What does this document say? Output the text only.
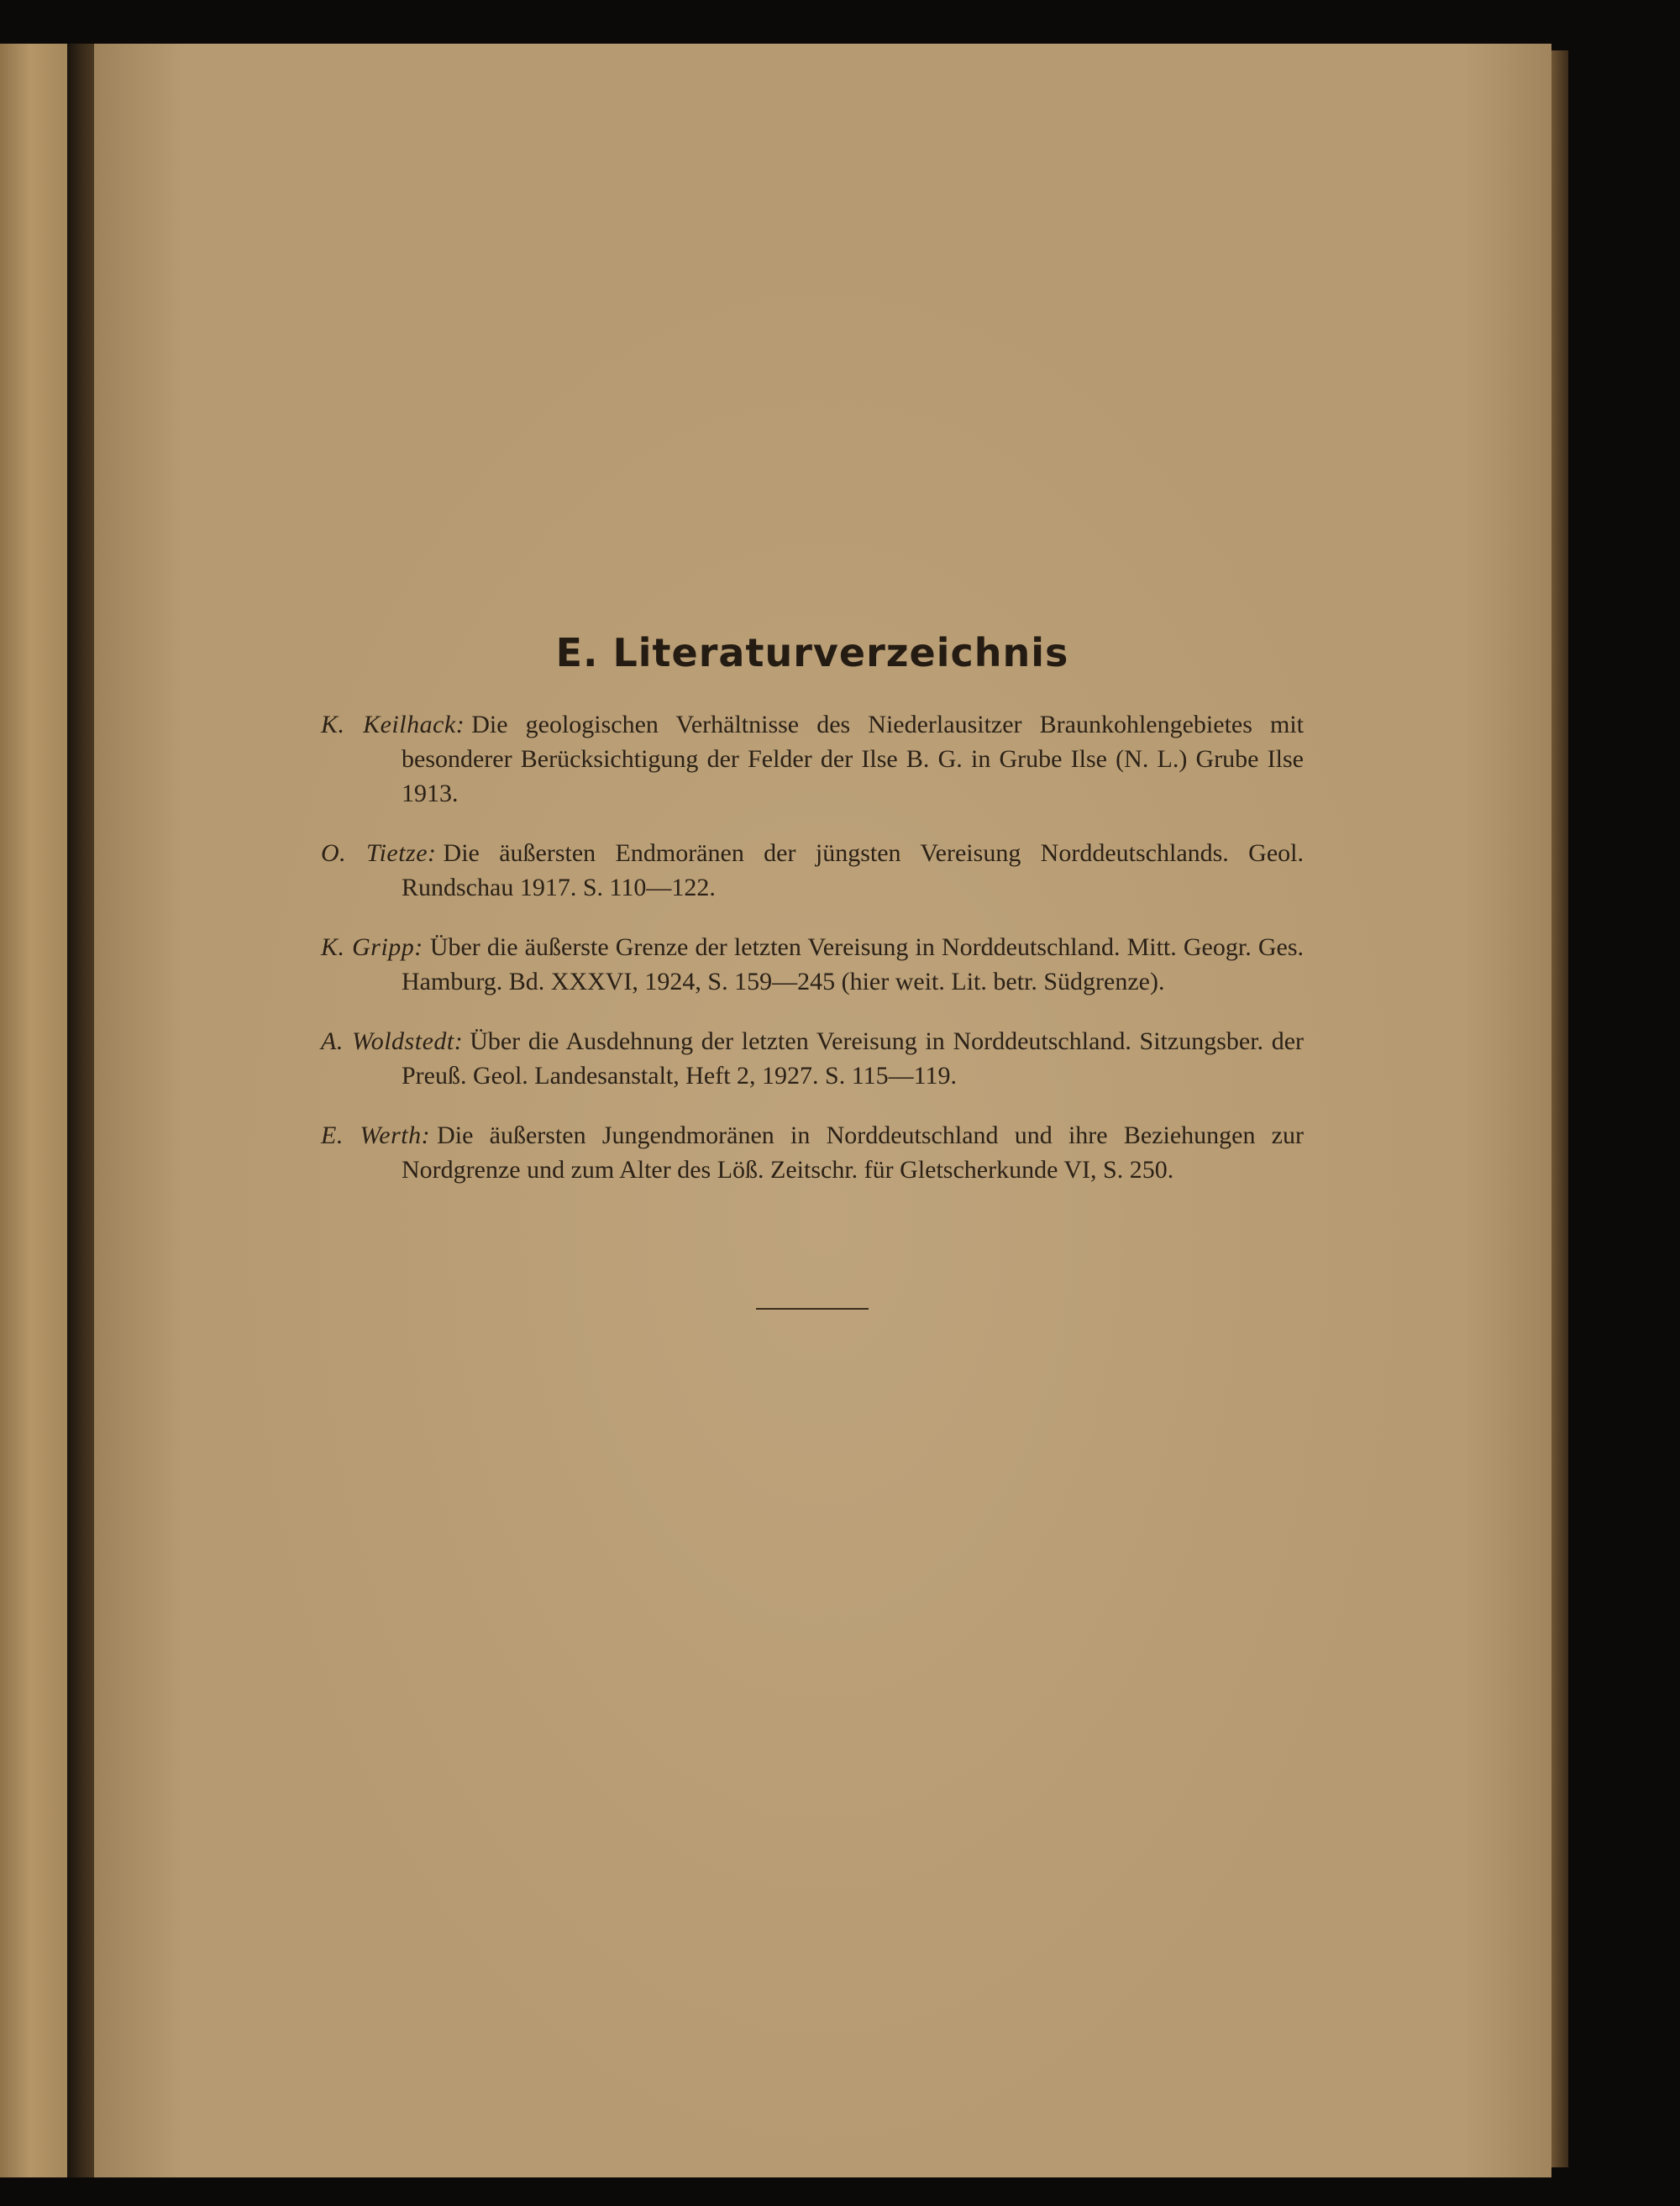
E. Literaturverzeichnis

K. Keilhack: Die geologischen Verhältnisse des Niederlausitzer Braunkohlengebietes mit besonderer Berücksichtigung der Felder der Ilse B. G. in Grube Ilse (N. L.) Grube Ilse 1913.

O. Tietze: Die äußersten Endmoränen der jüngsten Vereisung Norddeutschlands. Geol. Rundschau 1917. S. 110—122.

K. Gripp: Über die äußerste Grenze der letzten Vereisung in Norddeutschland. Mitt. Geogr. Ges. Hamburg. Bd. XXXVI, 1924, S. 159—245 (hier weit. Lit. betr. Südgrenze).

A. Woldstedt: Über die Ausdehnung der letzten Vereisung in Norddeutschland. Sitzungsber. der Preuß. Geol. Landesanstalt, Heft 2, 1927. S. 115—119.

E. Werth: Die äußersten Jungendmoränen in Norddeutschland und ihre Beziehungen zur Nordgrenze und zum Alter des Löß. Zeitschr. für Gletscherkunde VI, S. 250.
